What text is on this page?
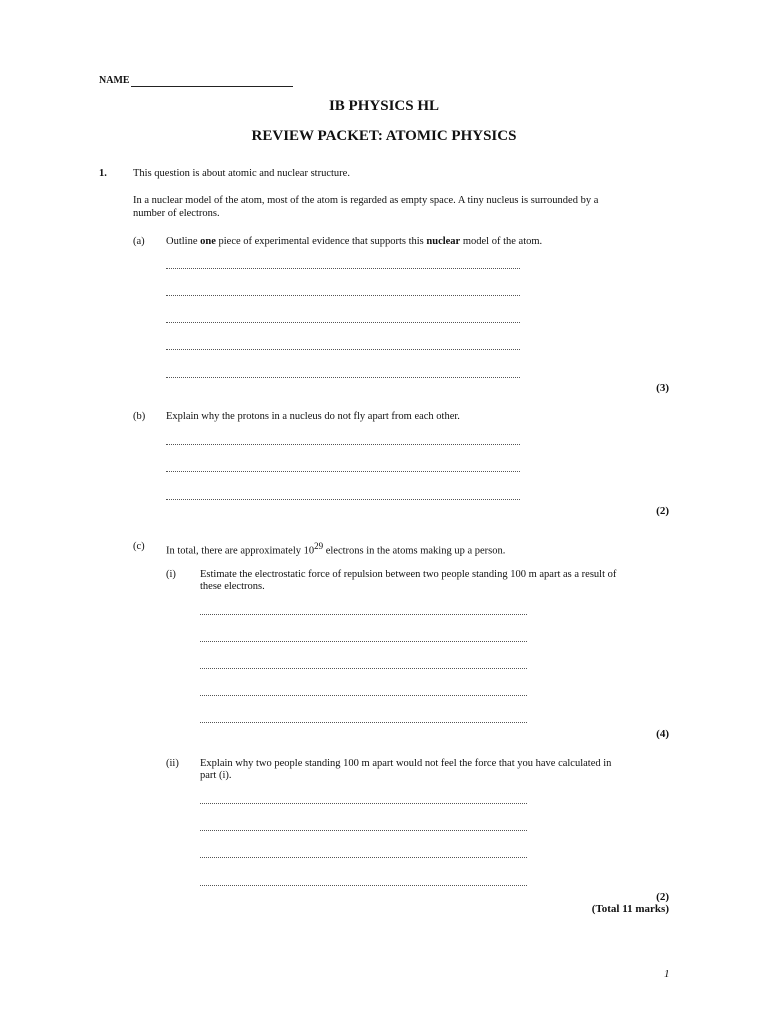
NAME
IB PHYSICS HL
REVIEW PACKET: ATOMIC PHYSICS
1. This question is about atomic and nuclear structure.
In a nuclear model of the atom, most of the atom is regarded as empty space. A tiny nucleus is surrounded by a
number of electrons.
(a) Outline one piece of experimental evidence that supports this nuclear model of the atom.
(3)
(b) Explain why the protons in a nucleus do not fly apart from each other.
(2)
(c) In total, there are approximately $10^{29}$ electrons in the atoms making up a person.
(i) Estimate the electrostatic force of repulsion between two people standing 100 m apart as a result of
these electrons.
(4)
(ii) Explain why two people standing 100 m apart would not feel the force that you have calculated in
part (i).
(2)
(Total 11 marks)
1
